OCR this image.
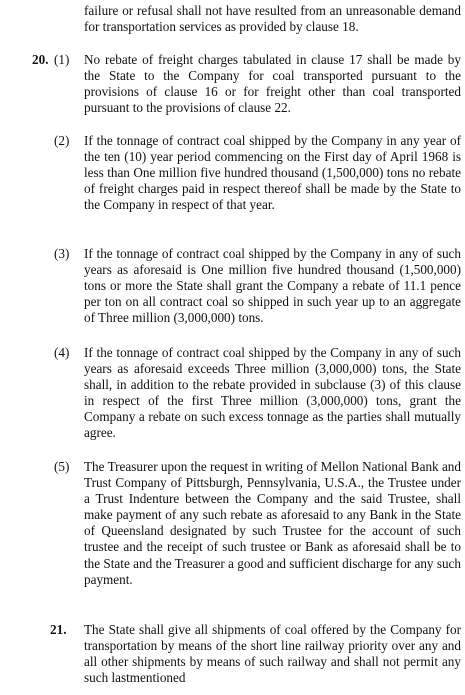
failure or refusal shall not have resulted from an unreasonable demand for transportation services as provided by clause 18.
20. (1) No rebate of freight charges tabulated in clause 17 shall be made by the State to the Company for coal transported pursuant to the provisions of clause 16 or for freight other than coal transported pursuant to the provisions of clause 22.
(2) If the tonnage of contract coal shipped by the Company in any year of the ten (10) year period commencing on the First day of April 1968 is less than One million five hundred thousand (1,500,000) tons no rebate of freight charges paid in respect thereof shall be made by the State to the Company in respect of that year.
(3) If the tonnage of contract coal shipped by the Company in any of such years as aforesaid is One million five hundred thousand (1,500,000) tons or more the State shall grant the Company a rebate of 11.1 pence per ton on all contract coal so shipped in such year up to an aggregate of Three million (3,000,000) tons.
(4) If the tonnage of contract coal shipped by the Company in any of such years as aforesaid exceeds Three million (3,000,000) tons, the State shall, in addition to the rebate provided in subclause (3) of this clause in respect of the first Three million (3,000,000) tons, grant the Company a rebate on such excess tonnage as the parties shall mutually agree.
(5) The Treasurer upon the request in writing of Mellon National Bank and Trust Company of Pittsburgh, Pennsylvania, U.S.A., the Trustee under a Trust Indenture between the Company and the said Trustee, shall make payment of any such rebate as aforesaid to any Bank in the State of Queensland designated by such Trustee for the account of such trustee and the receipt of such trustee or Bank as aforesaid shall be to the State and the Treasurer a good and sufficient discharge for any such payment.
21. The State shall give all shipments of coal offered by the Company for transportation by means of the short line railway priority over any and all other shipments by means of such railway and shall not permit any such lastmentioned
